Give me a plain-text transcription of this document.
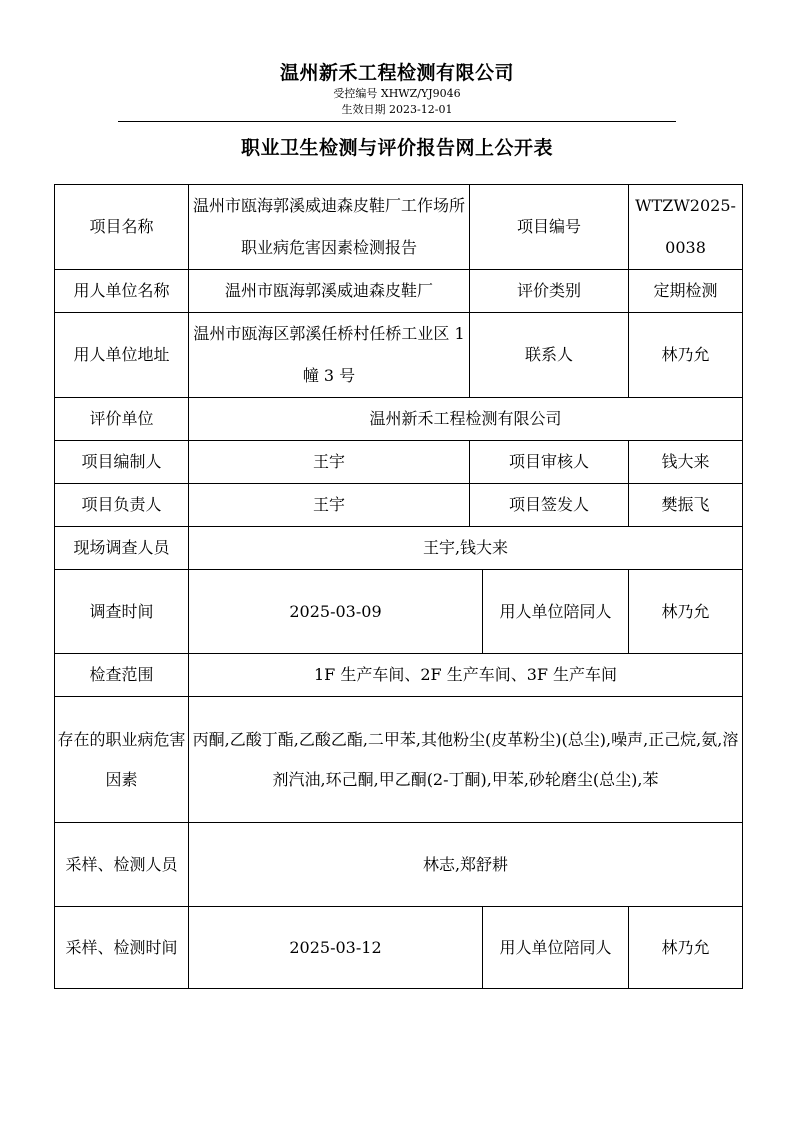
温州新禾工程检测有限公司
受控编号 XHWZ/YJ9046
生效日期 2023-12-01
职业卫生检测与评价报告网上公开表
项目名称	温州市瓯海郭溪威迪森皮鞋厂工作场所职业病危害因素检测报告	项目编号		WTZW2025-0038
用人单位名称	温州市瓯海郭溪威迪森皮鞋厂	评价类别		定期检测
用人单位地址	温州市瓯海区郭溪任桥村任桥工业区 1 幢 3 号	联系人		林乃允
评价单位	温州新禾工程检测有限公司			
项目编制人	王宇	项目审核人		钱大来
项目负责人	王宇	项目签发人		樊振飞
现场调查人员	王宇,钱大来			
调查时间	2025-03-09		用人单位陪同人	林乃允
检查范围	1F 生产车间、2F 生产车间、3F 生产车间			
存在的职业病危害因素	丙酮,乙酸丁酯,乙酸乙酯,二甲苯,其他粉尘(皮革粉尘)(总尘),噪声,正己烷,氨,溶剂汽油,环己酮,甲乙酮(2-丁酮),甲苯,砂轮磨尘(总尘),苯			
采样、检测人员	林志,郑舒耕			
采样、检测时间	2025-03-12		用人单位陪同人	林乃允
